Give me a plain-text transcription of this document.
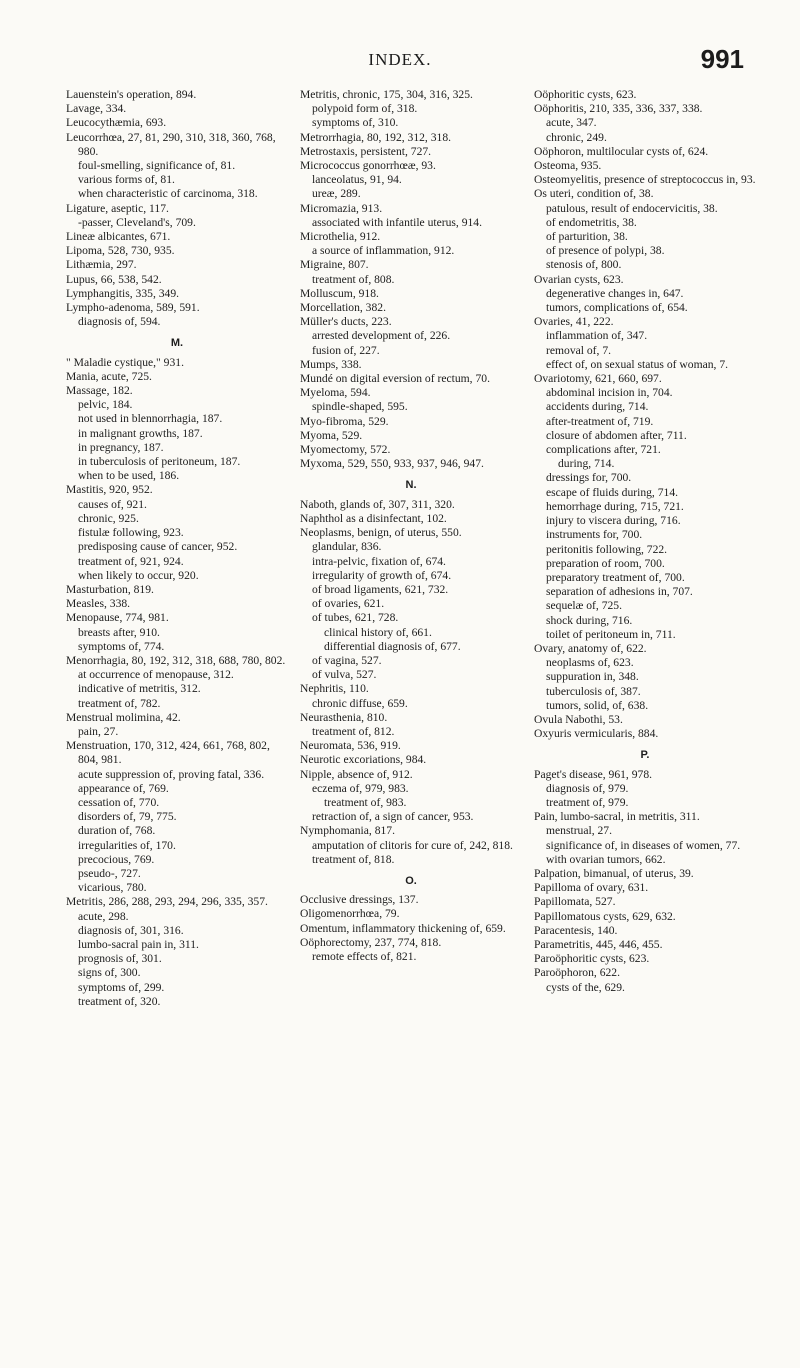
INDEX.	991
Lauenstein's operation, 894.
Lavage, 334.
Leucocythæmia, 693.
Leucorrhœa, 27, 81, 290, 310, 318, 360, 768, 980.
foul-smelling, significance of, 81.
various forms of, 81.
when characteristic of carcinoma, 318.
Ligature, aseptic, 117.
-passer, Cleveland's, 709.
Lineæ albicantes, 671.
Lipoma, 528, 730, 935.
Lithæmia, 297.
Lupus, 66, 538, 542.
Lymphangitis, 335, 349.
Lympho-adenoma, 589, 591.
diagnosis of, 594.
M.
" Maladie cystique," 931.
Mania, acute, 725.
Massage, 182.
pelvic, 184.
not used in blennorrhagia, 187.
in malignant growths, 187.
in pregnancy, 187.
in tuberculosis of peritoneum, 187.
when to be used, 186.
Mastitis, 920, 952.
causes of, 921.
chronic, 925.
fistulæ following, 923.
predisposing cause of cancer, 952.
treatment of, 921, 924.
when likely to occur, 920.
Masturbation, 819.
Measles, 338.
Menopause, 774, 981.
breasts after, 910.
symptoms of, 774.
Menorrhagia, 80, 192, 312, 318, 688, 780, 802.
at occurrence of menopause, 312.
indicative of metritis, 312.
treatment of, 782.
Menstrual molimina, 42.
pain, 27.
Menstruation, 170, 312, 424, 661, 768, 802, 804, 981.
acute suppression of, proving fatal, 336.
appearance of, 769.
cessation of, 770.
disorders of, 79, 775.
duration of, 768.
irregularities of, 170.
precocious, 769.
pseudo-, 727.
vicarious, 780.
Metritis, 286, 288, 293, 294, 296, 335, 357.
acute, 298.
diagnosis of, 301, 316.
lumbo-sacral pain in, 311.
prognosis of, 301.
signs of, 300.
symptoms of, 299.
treatment of, 320.
Metritis, chronic, 175, 304, 316, 325.
polypoid form of, 318.
symptoms of, 310.
Metrorrhagia, 80, 192, 312, 318.
Metrostaxis, persistent, 727.
Micrococcus gonorrhœæ, 93.
lanceolatus, 91, 94.
ureæ, 289.
Micromazia, 913.
associated with infantile uterus, 914.
Microthelia, 912.
a source of inflammation, 912.
Migraine, 807.
treatment of, 808.
Molluscum, 918.
Morcellation, 382.
Müller's ducts, 223.
arrested development of, 226.
fusion of, 227.
Mumps, 338.
Mundé on digital eversion of rectum, 70.
Myeloma, 594.
spindle-shaped, 595.
Myo-fibroma, 529.
Myoma, 529.
Myomectomy, 572.
Myxoma, 529, 550, 933, 937, 946, 947.
N.
Naboth, glands of, 307, 311, 320.
Naphthol as a disinfectant, 102.
Neoplasms, benign, of uterus, 550.
glandular, 836.
intra-pelvic, fixation of, 674.
irregularity of growth of, 674.
of broad ligaments, 621, 732.
of ovaries, 621.
of tubes, 621, 728.
clinical history of, 661.
differential diagnosis of, 677.
of vagina, 527.
of vulva, 527.
Nephritis, 110.
chronic diffuse, 659.
Neurasthenia, 810.
treatment of, 812.
Neuromata, 536, 919.
Neurotic excoriations, 984.
Nipple, absence of, 912.
eczema of, 979, 983.
treatment of, 983.
retraction of, a sign of cancer, 953.
Nymphomania, 817.
amputation of clitoris for cure of, 242, 818.
treatment of, 818.
O.
Occlusive dressings, 137.
Oligomenorrhœa, 79.
Omentum, inflammatory thickening of, 659.
Oöphorectomy, 237, 774, 818.
remote effects of, 821.
Oöphoritic cysts, 623.
Oöphoritis, 210, 335, 336, 337, 338.
acute, 347.
chronic, 249.
Oöphoron, multilocular cysts of, 624.
Osteoma, 935.
Osteomyelitis, presence of streptococcus in, 93.
Os uteri, condition of, 38.
patulous, result of endocervicitis, 38.
of endometritis, 38.
of parturition, 38.
of presence of polypi, 38.
stenosis of, 800.
Ovarian cysts, 623.
degenerative changes in, 647.
tumors, complications of, 654.
Ovaries, 41, 222.
inflammation of, 347.
removal of, 7.
effect of, on sexual status of woman, 7.
Ovariotomy, 621, 660, 697.
abdominal incision in, 704.
accidents during, 714.
after-treatment of, 719.
closure of abdomen after, 711.
complications after, 721.
during, 714.
dressings for, 700.
escape of fluids during, 714.
hemorrhage during, 715, 721.
injury to viscera during, 716.
instruments for, 700.
peritonitis following, 722.
preparation of room, 700.
preparatory treatment of, 700.
separation of adhesions in, 707.
sequelæ of, 725.
shock during, 716.
toilet of peritoneum in, 711.
Ovary, anatomy of, 622.
neoplasms of, 623.
suppuration in, 348.
tuberculosis of, 387.
tumors, solid, of, 638.
Ovula Nabothi, 53.
Oxyuris vermicularis, 884.
P.
Paget's disease, 961, 978.
diagnosis of, 979.
treatment of, 979.
Pain, lumbo-sacral, in metritis, 311.
menstrual, 27.
significance of, in diseases of women, 77.
with ovarian tumors, 662.
Palpation, bimanual, of uterus, 39.
Papilloma of ovary, 631.
Papillomata, 527.
Papillomatous cysts, 629, 632.
Paracentesis, 140.
Parametritis, 445, 446, 455.
Paroöphoritic cysts, 623.
Paroöphoron, 622.
cysts of the, 629.
